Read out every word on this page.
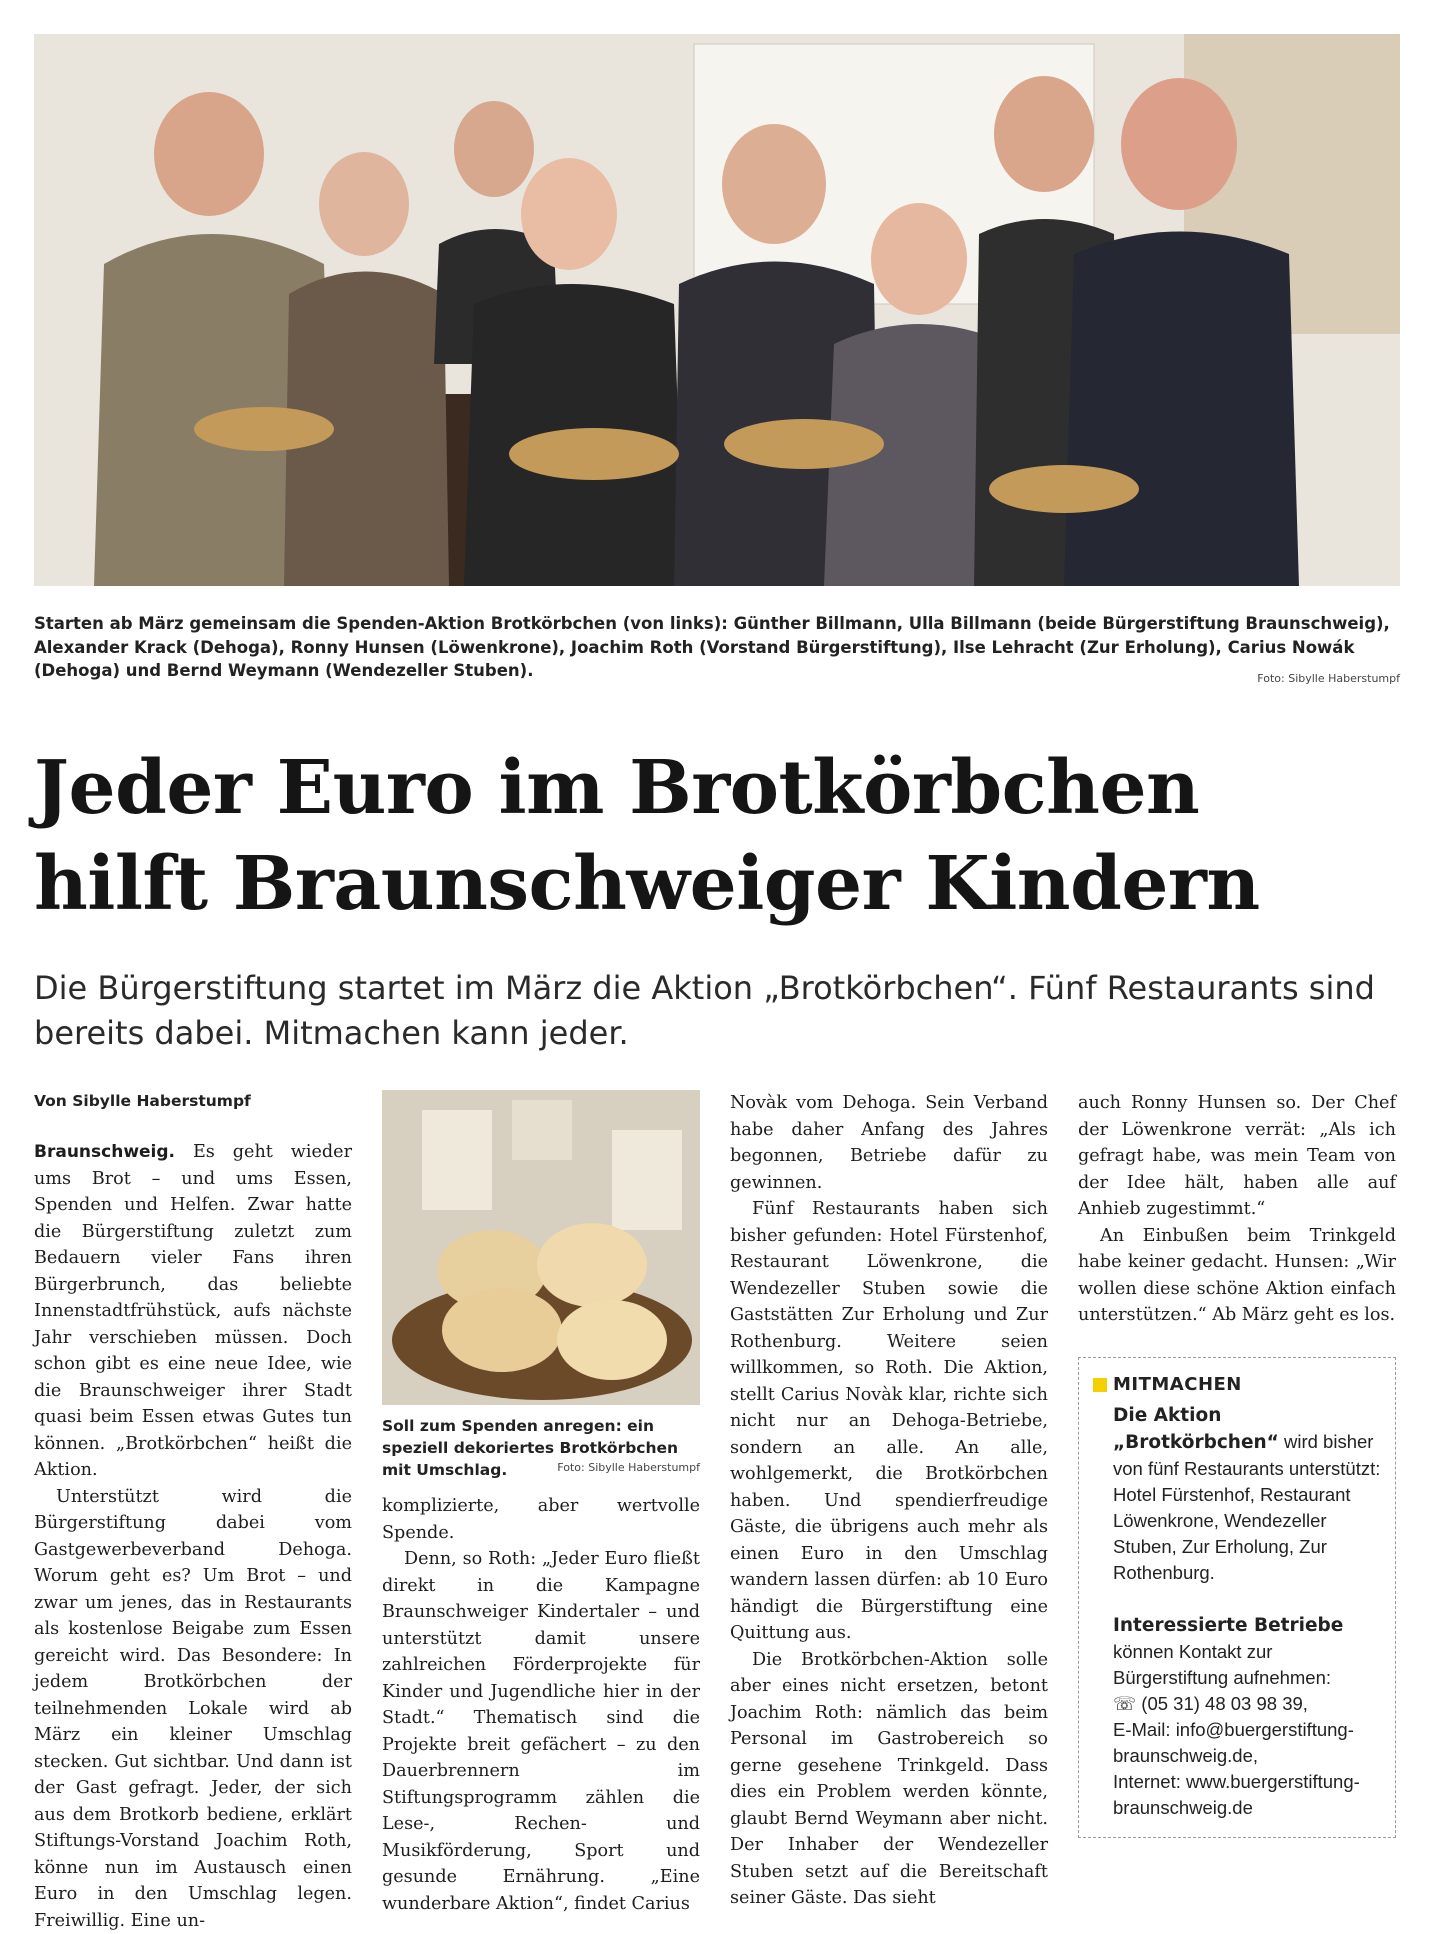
Starten ab März gemeinsam die Spenden-Aktion Brotkörbchen (von links): Günther Billmann, Ulla Billmann (beide Bürgerstiftung Braunschweig), Alexander Krack (Dehoga), Ronny Hunsen (Löwenkrone), Joachim Roth (Vorstand Bürgerstiftung), Ilse Lehracht (Zur Erholung), Carius Nowák (Dehoga) und Bernd Weymann (Wendezeller Stuben).	Foto: Sibylle Haberstumpf
Jeder Euro im Brotkörbchen
hilft Braunschweiger Kindern
Die Bürgerstiftung startet im März die Aktion „Brotkörbchen“. Fünf Restaurants sind bereits dabei. Mitmachen kann jeder.
Von Sibylle Haberstumpf

Braunschweig. Es geht wieder ums Brot – und ums Essen, Spenden und Helfen. Zwar hatte die Bürgerstiftung zuletzt zum Bedauern vieler Fans ihren Bürgerbrunch, das beliebte Innenstadtfrühstück, aufs nächste Jahr verschieben müssen. Doch schon gibt es eine neue Idee, wie die Braunschweiger ihrer Stadt quasi beim Essen etwas Gutes tun können. „Brotkörbchen“ heißt die Aktion.

Unterstützt wird die Bürgerstiftung dabei vom Gastgewerbeverband Dehoga. Worum geht es? Um Brot – und zwar um jenes, das in Restaurants als kostenlose Beigabe zum Essen gereicht wird. Das Besondere: In jedem Brotkörbchen der teilnehmenden Lokale wird ab März ein kleiner Umschlag stecken. Gut sichtbar. Und dann ist der Gast gefragt. Jeder, der sich aus dem Brotkorb bediene, erklärt Stiftungs-Vorstand Joachim Roth, könne nun im Austausch einen Euro in den Umschlag legen. Freiwillig. Eine un-

Soll zum Spenden anregen: ein speziell dekoriertes Brotkörbchen mit Umschlag.	Foto: Sibylle Haberstumpf

komplizierte, aber wertvolle Spende.

Denn, so Roth: „Jeder Euro fließt direkt in die Kampagne Braunschweiger Kindertaler – und unterstützt damit unsere zahlreichen Förderprojekte für Kinder und Jugendliche hier in der Stadt.“ Thematisch sind die Projekte breit gefächert – zu den Dauerbrennern im Stiftungsprogramm zählen die Lese-, Rechen- und Musikförderung, Sport und gesunde Ernährung. „Eine wunderbare Aktion“, findet Carius

Novàk vom Dehoga. Sein Verband habe daher Anfang des Jahres begonnen, Betriebe dafür zu gewinnen.

Fünf Restaurants haben sich bisher gefunden: Hotel Fürstenhof, Restaurant Löwenkrone, die Wendezeller Stuben sowie die Gaststätten Zur Erholung und Zur Rothenburg. Weitere seien willkommen, so Roth. Die Aktion, stellt Carius Novàk klar, richte sich nicht nur an Dehoga-Betriebe, sondern an alle. An alle, wohlgemerkt, die Brotkörbchen haben. Und spendierfreudige Gäste, die übrigens auch mehr als einen Euro in den Umschlag wandern lassen dürfen: ab 10 Euro händigt die Bürgerstiftung eine Quittung aus.

Die Brotkörbchen-Aktion solle aber eines nicht ersetzen, betont Joachim Roth: nämlich das beim Personal im Gastrobereich so gerne gesehene Trinkgeld. Dass dies ein Problem werden könnte, glaubt Bernd Weymann aber nicht. Der Inhaber der Wendezeller Stuben setzt auf die Bereitschaft seiner Gäste. Das sieht

auch Ronny Hunsen so. Der Chef der Löwenkrone verrät: „Als ich gefragt habe, was mein Team von der Idee hält, haben alle auf Anhieb zugestimmt.“

An Einbußen beim Trinkgeld habe keiner gedacht. Hunsen: „Wir wollen diese schöne Aktion einfach unterstützen.“ Ab März geht es los.

MITMACHEN
Die Aktion „Brotkörbchen“ wird bisher von fünf Restaurants unterstützt: Hotel Fürstenhof, Restaurant Löwenkrone, Wendezeller Stuben, Zur Erholung, Zur Rothenburg.
Interessierte Betriebe
können Kontakt zur Bürgerstiftung aufnehmen:
☏ (05 31) 48 03 98 39,
E-Mail: info@buergerstiftung-braunschweig.de,
Internet: www.buergerstiftung-braunschweig.de
